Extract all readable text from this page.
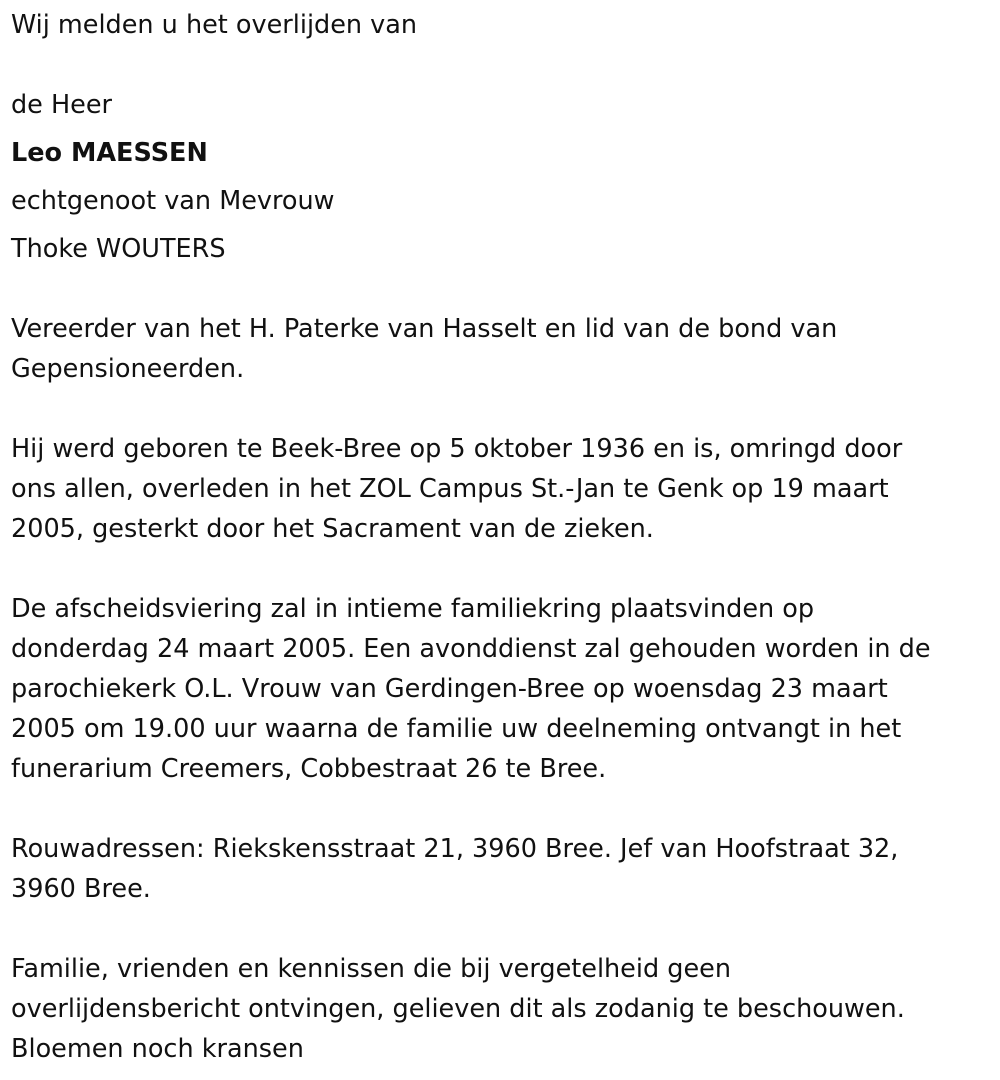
Wij melden u het overlijden van

de Heer

Leo MAESSEN

echtgenoot van Mevrouw

Thoke WOUTERS

Vereerder van het H. Paterke van Hasselt en lid van de bond van

Gepensioneerden.

Hij werd geboren te Beek-Bree op 5 oktober 1936 en is, omringd door

ons allen, overleden in het ZOL Campus St.-Jan te Genk op 19 maart

2005, gesterkt door het Sacrament van de zieken.

De afscheidsviering zal in intieme familiekring plaatsvinden op

donderdag 24 maart 2005. Een avonddienst zal gehouden worden in de

parochiekerk O.L. Vrouw van Gerdingen-Bree op woensdag 23 maart

2005 om 19.00 uur waarna de familie uw deelneming ontvangt in het

funerarium Creemers, Cobbestraat 26 te Bree.

Rouwadressen: Riekskensstraat 21, 3960 Bree. Jef van Hoofstraat 32,

3960 Bree.

Familie, vrienden en kennissen die bij vergetelheid geen

overlijdensbericht ontvingen, gelieven dit als zodanig te beschouwen.

Bloemen noch kransen
